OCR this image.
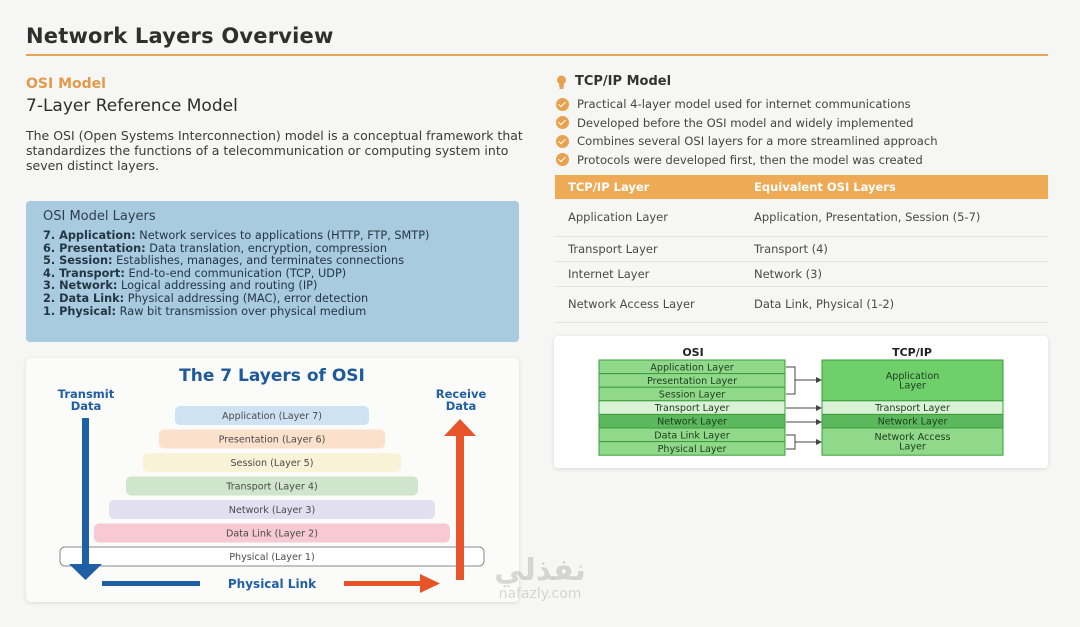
Network Layers Overview
OSI Model
7-Layer Reference Model

The OSI (Open Systems Interconnection) model is a conceptual framework that standardizes the functions of a telecommunication or computing system into seven distinct layers.

OSI Model Layers
7. Application: Network services to applications (HTTP, FTP, SMTP)
6. Presentation: Data translation, encryption, compression
5. Session: Establishes, manages, and terminates connections
4. Transport: End-to-end communication (TCP, UDP)
3. Network: Logical addressing and routing (IP)
2. Data Link: Physical addressing (MAC), error detection
1. Physical: Raw bit transmission over physical medium
The 7 Layers of OSI
Transmit
Data
Receive
Data
Application (Layer 7)
Presentation (Layer 6)
Session (Layer 5)
Transport (Layer 4)
Network (Layer 3)
Data Link (Layer 2)
Physical (Layer 1)
Physical Link
TCP/IP Model
Practical 4-layer model used for internet communications
Developed before the OSI model and widely implemented
Combines several OSI layers for a more streamlined approach
Protocols were developed first, then the model was created
TCP/IP Layer	Equivalent OSI Layers
Application Layer	Application, Presentation, Session (5-7)
Transport Layer	Transport (4)
Internet Layer	Network (3)
Network Access Layer	Data Link, Physical (1-2)
OSI	TCP/IP
Application Layer
Presentation Layer
Session Layer
Transport Layer
Network Layer
Data Link Layer
Physical Layer
Application Layer
Transport Layer
Network Layer
Network Access Layer
نفذلي
nafazly.com
